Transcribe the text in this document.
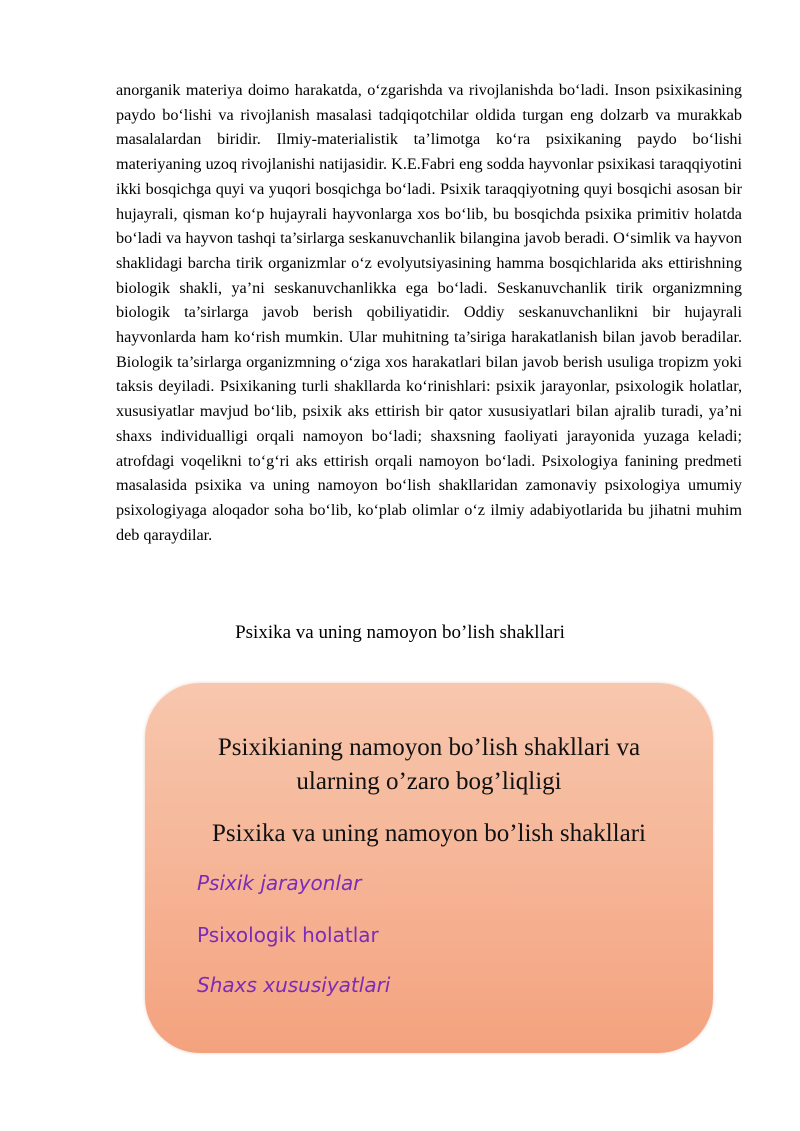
anorganik materiya doimo harakatda, o‘zgarishda va rivojlanishda bo‘ladi. Inson psixikasining paydo bo‘lishi va rivojlanish masalasi tadqiqotchilar oldida turgan eng dolzarb va murakkab masalalardan biridir. Ilmiy-materialistik ta’limotga ko‘ra psixikaning paydo bo‘lishi materiyaning uzoq rivojlanishi natijasidir. K.E.Fabri eng sodda hayvonlar psixikasi taraqqiyotini ikki bosqichga quyi va yuqori bosqichga bo‘ladi. Psixik taraqqiyotning quyi bosqichi asosan bir hujayrali, qisman ko‘p hujayrali hayvonlarga xos bo‘lib, bu bosqichda psixika primitiv holatda bo‘ladi va hayvon tashqi ta’sirlarga seskanuvchanlik bilangina javob beradi. O‘simlik va hayvon shaklidagi barcha tirik organizmlar o‘z evolyutsiyasining hamma bosqichlarida aks ettirishning biologik shakli, ya’ni seskanuvchanlikka ega bo‘ladi. Seskanuvchanlik tirik organizmning biologik ta’sirlarga javob berish qobiliyatidir. Oddiy seskanuvchanlikni bir hujayrali hayvonlarda ham ko‘rish mumkin. Ular muhitning ta’siriga harakatlanish bilan javob beradilar. Biologik ta’sirlarga organizmning o‘ziga xos harakatlari bilan javob berish usuliga tropizm yoki taksis deyiladi. Psixikaning turli shakllarda ko‘rinishlari: psixik jarayonlar, psixologik holatlar, xususiyatlar mavjud bo‘lib, psixik aks ettirish bir qator xususiyatlari bilan ajralib turadi, ya’ni shaxs individualligi orqali namoyon bo‘ladi; shaxsning faoliyati jarayonida yuzaga keladi; atrofdagi voqelikni to‘g‘ri aks ettirish orqali namoyon bo‘ladi. Psixologiya fanining predmeti masalasida psixika va uning namoyon bo‘lish shakllaridan zamonaviy psixologiya umumiy psixologiyaga aloqador soha bo‘lib, ko‘plab olimlar o‘z ilmiy adabiyotlarida bu jihatni muhim deb qaraydilar.

Psixika va uning namoyon bo’lish shakllari

Psixikianing namoyon bo’lish shakllari va
ularning o’zaro bog’liqligi

Psixika va uning namoyon bo’lish shakllari

Psixik jarayonlar

Psixologik holatlar

Shaxs xususiyatlari
